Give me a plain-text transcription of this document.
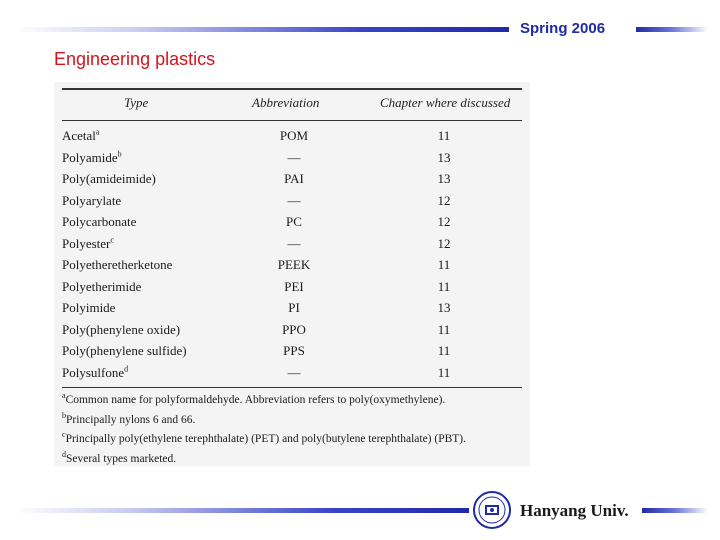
Spring 2006
Engineering plastics
Type	Abbreviation	Chapter where discussed
Acetal$^a$	POM	11
Polyamide$^b$	—	13
Poly(amideimide)	PAI	13
Polyarylate	—	12
Polycarbonate	PC	12
Polyester$^c$	—	12
Polyetheretherketone	PEEK	11
Polyetherimide	PEI	11
Polyimide	PI	13
Poly(phenylene oxide)	PPO	11
Poly(phenylene sulfide)	PPS	11
Polysulfone$^d$	—	11
$^a$Common name for polyformaldehyde. Abbreviation refers to poly(oxymethylene).
$^b$Principally nylons 6 and 66.
$^c$Principally poly(ethylene terephthalate) (PET) and poly(butylene terephthalate) (PBT).
$^d$Several types marketed.
Hanyang Univ.
